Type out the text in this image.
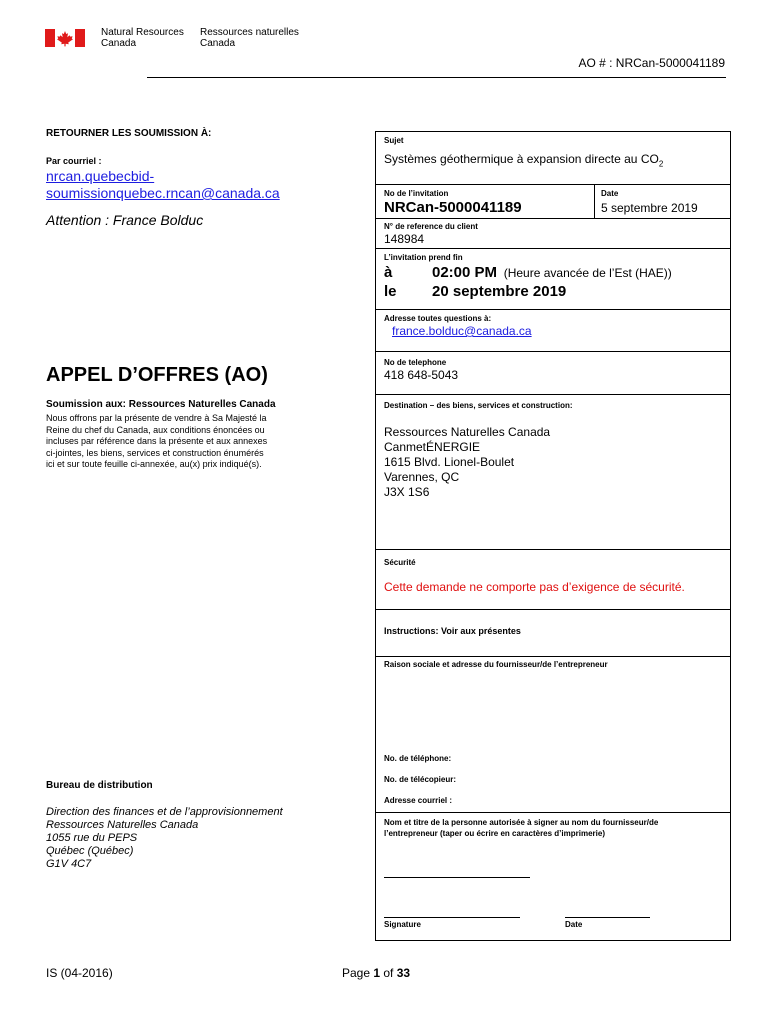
Natural Resources
Canada
Ressources naturelles
Canada
AO # : NRCan-5000041189
RETOURNER LES SOUMISSION À:
Par courriel :
nrcan.quebecbid-
soumissionquebec.rncan@canada.ca
Attention : France Bolduc
APPEL D’OFFRES (AO)
Soumission aux: Ressources Naturelles Canada
Nous offrons par la présente de vendre à Sa Majesté la
Reine du chef du Canada, aux conditions énoncées ou
incluses par référence dans la présente et aux annexes
ci-jointes, les biens, services et construction énumérés
ici et sur toute feuille ci-annexée, au(x) prix indiqué(s).
Bureau de distribution
Direction des finances et de l’approvisionnement
Ressources Naturelles Canada
1055 rue du PEPS
Québec (Québec)
G1V 4C7
Sujet
Systèmes géothermique à expansion directe au $CO_2$
No de l’invitation
NRCan-5000041189
Date
5 septembre 2019
N° de reference du client
148984
L’invitation prend fin
à	02:00 PM (Heure avancée de l’Est (HAE))
le 20 septembre 2019
Adresse toutes questions à:
france.bolduc@canada.ca
No de telephone
418 648-5043
Destination – des biens, services et construction:
Ressources Naturelles Canada
CanmetÉNERGIE
1615 Blvd. Lionel-Boulet
Varennes, QC
J3X 1S6
Sécurité
Cette demande ne comporte pas d’exigence de sécurité.
Instructions: Voir aux présentes
Raison sociale et adresse du fournisseur/de l’entrepreneur
No. de téléphone:
No. de télécopieur:
Adresse courriel :
Nom et titre de la personne autorisée à signer au nom du fournisseur/de
l’entrepreneur (taper ou écrire en caractères d’imprimerie)
Signature	Date
IS (04-2016)	Page 1 of 33
